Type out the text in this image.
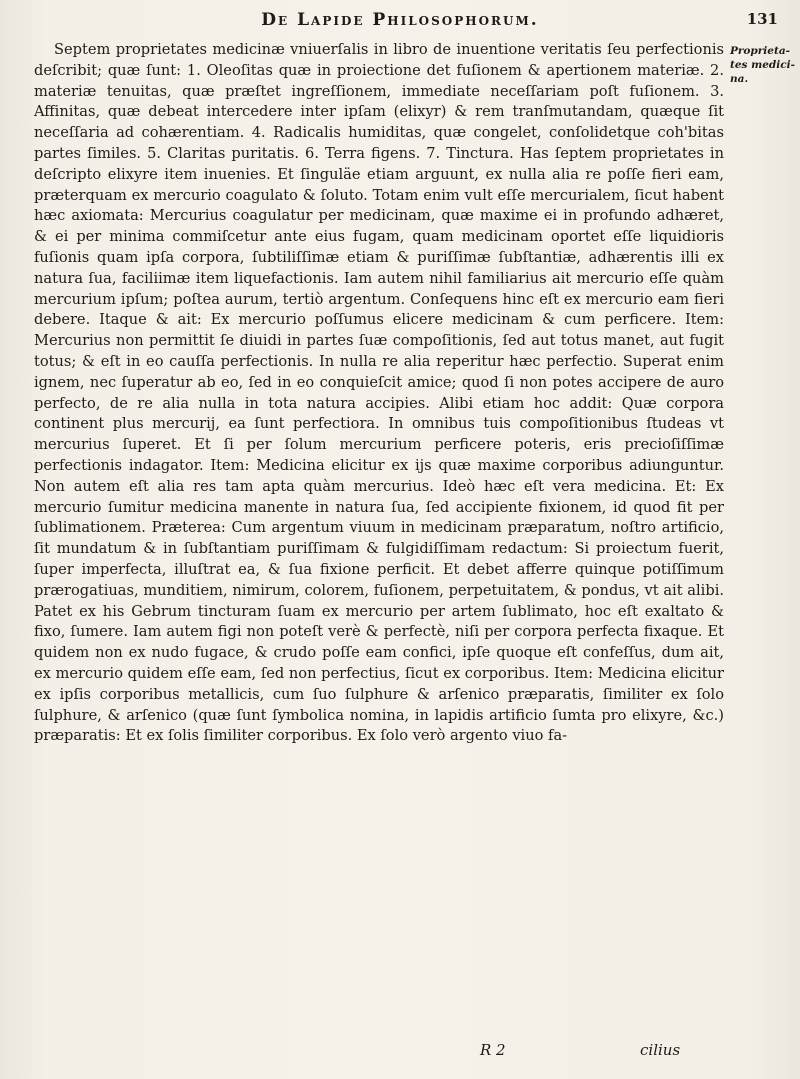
De Lapide Philosophorum.	131

Septem proprietates medicinæ vniuerſalis in libro de inuentione veritatis ſeu perfectionis deſcribit; quæ ſunt: 1. Oleoſitas quæ in proiectione det fuſionem & apertionem materiæ. 2. materiæ tenuitas, quæ præſtet ingreſſionem, immediate neceſſariam poſt fuſionem. 3. Affinitas, quæ debeat intercedere inter ipſam (elixyr) & rem tranſmutandam, quæque ſit neceſſaria ad cohærentiam. 4. Radicalis humiditas, quæ congelet, conſolidetque coh'bitas partes ſimiles. 5. Claritas puritatis. 6. Terra figens. 7. Tinctura. Has ſeptem proprietates in deſcripto elixyre item inuenies. Et ſinguläe etiam arguunt, ex nulla alia re poſſe fieri eam, præterquam ex mercurio coagulato & ſoluto. Totam enim vult eſſe mercurialem, ſicut habent hæc axiomata: Mercurius coagulatur per medicinam, quæ maxime ei in profundo adhæret, & ei per minima commiſcetur ante eius fugam, quam medicinam oportet eſſe liquidioris fuſionis quam ipſa corpora, ſubtiliſſimæ etiam & puriſſimæ ſubſtantiæ, adhærentis illi ex natura ſua, faciliimæ item liquefactionis. Iam autem nihil familiarius ait mercurio eſſe quàm mercurium ipſum; poſtea aurum, tertiò argentum. Conſequens hinc eſt ex mercurio eam fieri debere. Itaque & ait: Ex mercurio poſſumus elicere medicinam & cum perficere. Item: Mercurius non permittit ſe diuidi in partes ſuæ compoſitionis, ſed aut totus manet, aut fugit totus; & eſt in eo cauſſa perfectionis. In nulla re alia reperitur hæc perfectio. Superat enim ignem, nec ſuperatur ab eo, ſed in eo conquieſcit amice; quod ſi non potes accipere de auro perfecto, de re alia nulla in tota natura accipies. Alibi etiam hoc addit: Quæ corpora continent plus mercurij, ea ſunt perfectiora. In omnibus tuis compoſitionibus ſtudeas vt mercurius ſuperet. Et ſi per ſolum mercurium perficere poteris, eris precioſiſſimæ perfectionis indagator. Item: Medicina elicitur ex ijs quæ maxime corporibus adiunguntur. Non autem eſt alia res tam apta quàm mercurius. Ideò hæc eſt vera medicina. Et: Ex mercurio ſumitur medicina manente in natura ſua, ſed accipiente fixionem, id quod fit per ſublimationem. Præterea: Cum argentum viuum in medicinam præparatum, noſtro artificio, ſit mundatum & in ſubſtantiam puriſſimam & fulgidiſſimam redactum: Si proiectum fuerit, ſuper imperfecta, illuſtrat ea, & ſua fixione perficit. Et debet afferre quinque potiſſimum prærogatiuas, munditiem, nimirum, colorem, fuſionem, perpetuitatem, & pondus, vt ait alibi. Patet ex his Gebrum tincturam ſuam ex mercurio per artem ſublimato, hoc eſt exaltato & fixo, ſumere. Iam autem figi non poteſt verè & perfectè, niſi per corpora perfecta fixaque. Et quidem non ex nudo fugace, & crudo poſſe eam confici, ipſe quoque eſt confeſſus, dum ait, ex mercurio quidem eſſe eam, ſed non perfectius, ſicut ex corporibus. Item: Medicina elicitur ex ipſis corporibus metallicis, cum ſuo ſulphure & arſenico præparatis, ſimiliter ex ſolo ſulphure, & arſenico (quæ ſunt ſymbolica nomina, in lapidis artificio ſumta pro elixyre, &c.) præparatis: Et ex ſolis ſimiliter corporibus. Ex ſolo verò argento viuo fa-

Proprieta-
tes medici-
na.
R 2	cilius
